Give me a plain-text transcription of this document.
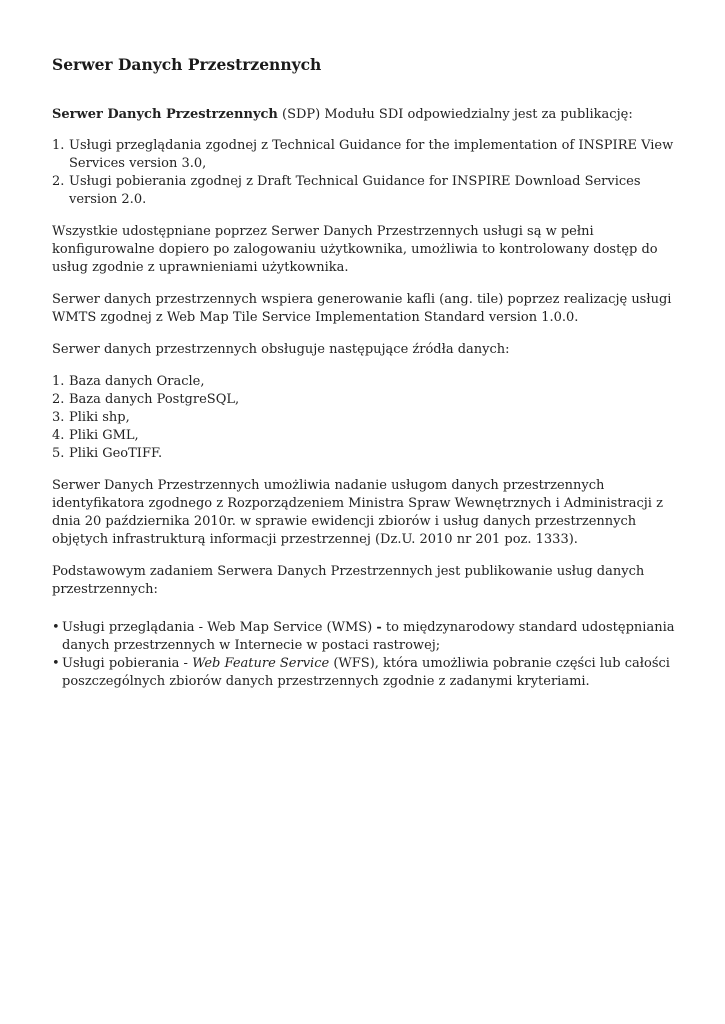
Serwer Danych Przestrzennych

Serwer Danych Przestrzennych (SDP) Modułu SDI odpowiedzialny jest za publikację:

1. Usługi przeglądania zgodnej z Technical Guidance for the implementation of INSPIRE View Services version 3.0,
2. Usługi pobierania zgodnej z Draft Technical Guidance for INSPIRE Download Services version 2.0.

Wszystkie udostępniane poprzez Serwer Danych Przestrzennych usługi są w pełni konfigurowalne dopiero po zalogowaniu użytkownika, umożliwia to kontrolowany dostęp do usług zgodnie z uprawnieniami użytkownika.

Serwer danych przestrzennych wspiera generowanie kafli (ang. tile) poprzez realizację usługi WMTS zgodnej z Web Map Tile Service Implementation Standard version 1.0.0.

Serwer danych przestrzennych obsługuje następujące źródła danych:

1. Baza danych Oracle,
2. Baza danych PostgreSQL,
3. Pliki shp,
4. Pliki GML,
5. Pliki GeoTIFF.

Serwer Danych Przestrzennych umożliwia nadanie usługom danych przestrzennych identyfikatora zgodnego z Rozporządzeniem Ministra Spraw Wewnętrznych i Administracji z dnia 20 października 2010r. w sprawie ewidencji zbiorów i usług danych przestrzennych objętych infrastrukturą informacji przestrzennej (Dz.U. 2010 nr 201 poz. 1333).

Podstawowym zadaniem Serwera Danych Przestrzennych jest publikowanie usług danych przestrzennych:

• Usługi przeglądania - Web Map Service (WMS) - to międzynarodowy standard udostępniania danych przestrzennych w Internecie w postaci rastrowej;
• Usługi pobierania - Web Feature Service (WFS), która umożliwia pobranie części lub całości poszczególnych zbiorów danych przestrzennych zgodnie z zadanymi kryteriami.
